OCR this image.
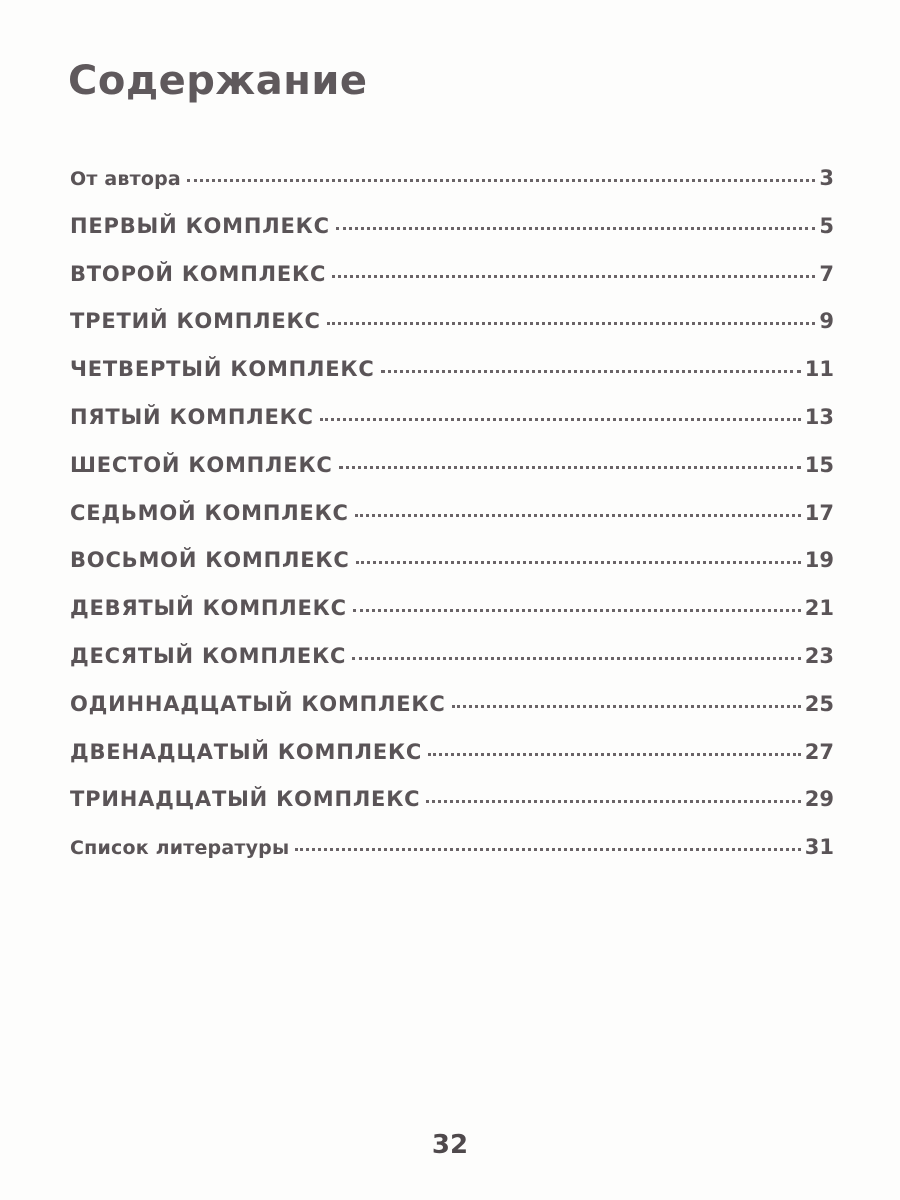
Содержание
От автора	3
ПЕРВЫЙ КОМПЛЕКС	5
ВТОРОЙ КОМПЛЕКС	7
ТРЕТИЙ КОМПЛЕКС	9
ЧЕТВЕРТЫЙ КОМПЛЕКС	11
ПЯТЫЙ КОМПЛЕКС	13
ШЕСТОЙ КОМПЛЕКС	15
СЕДЬМОЙ КОМПЛЕКС	17
ВОСЬМОЙ КОМПЛЕКС	19
ДЕВЯТЫЙ КОМПЛЕКС	21
ДЕСЯТЫЙ КОМПЛЕКС	23
ОДИННАДЦАТЫЙ КОМПЛЕКС	25
ДВЕНАДЦАТЫЙ КОМПЛЕКС	27
ТРИНАДЦАТЫЙ КОМПЛЕКС	29
Список литературы	31
32
